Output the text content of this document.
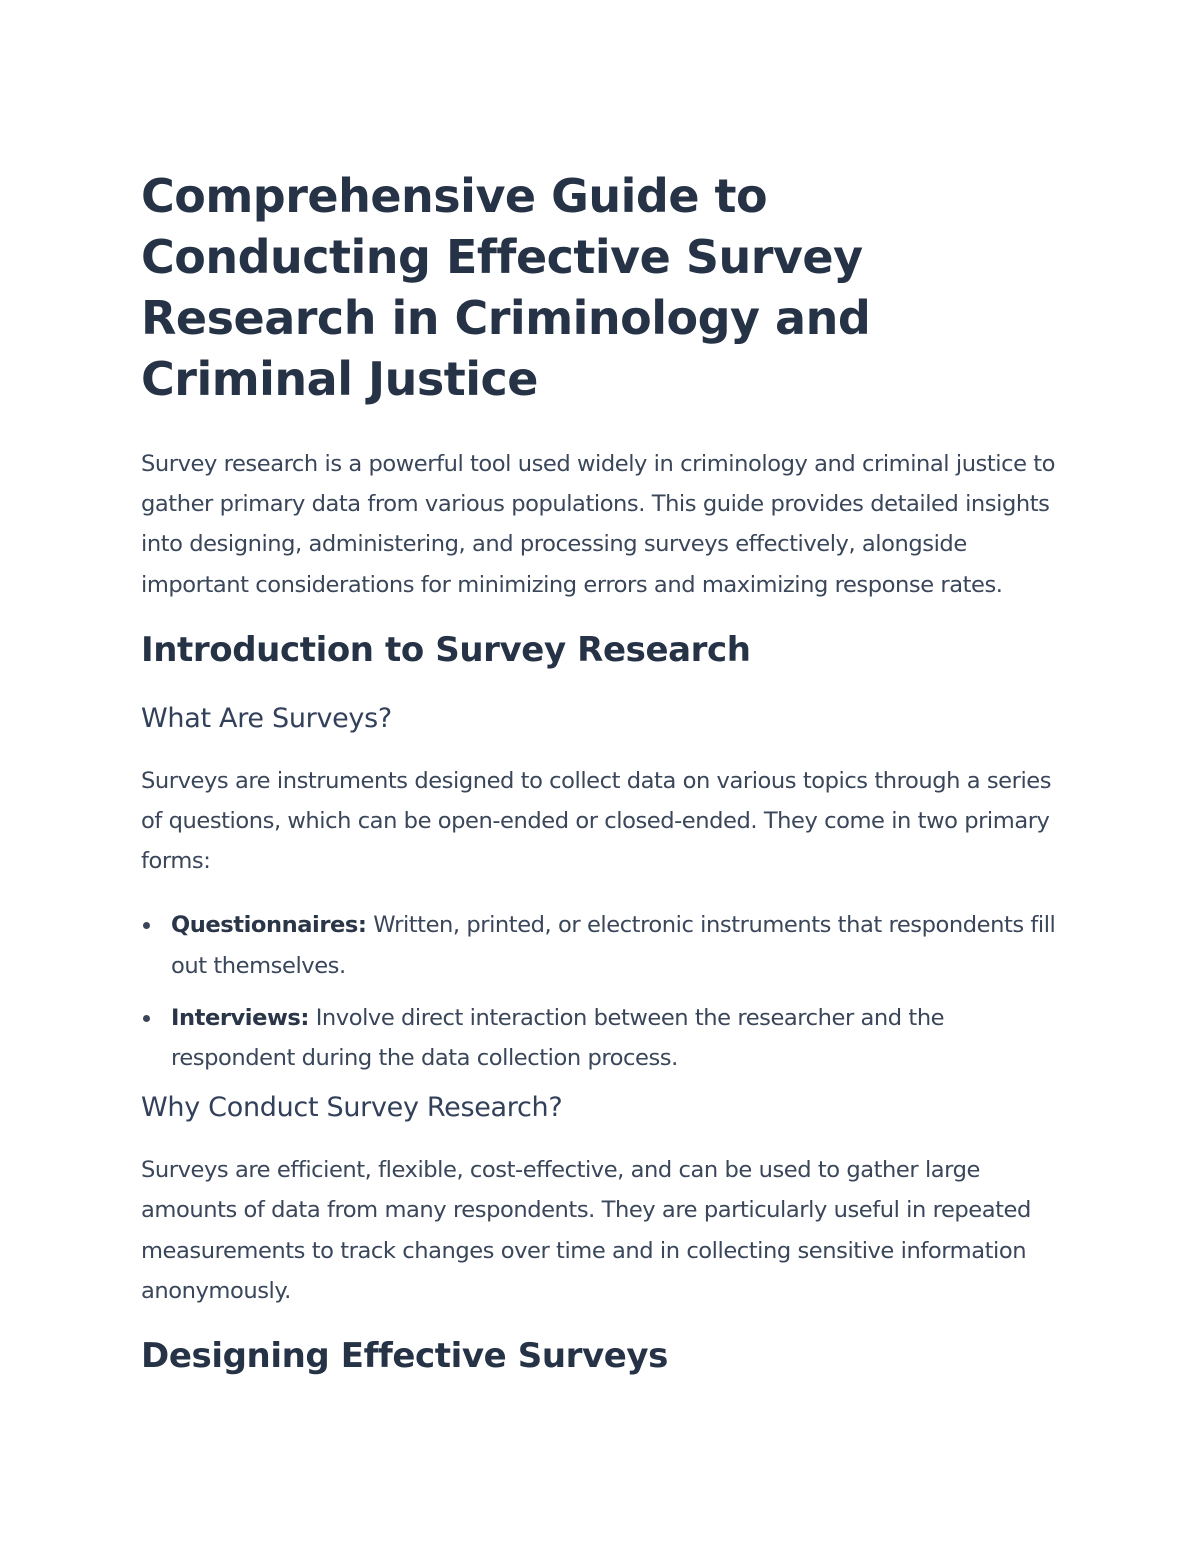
Comprehensive Guide to Conducting Effective Survey Research in Criminology and Criminal Justice

Survey research is a powerful tool used widely in criminology and criminal justice to gather primary data from various populations. This guide provides detailed insights into designing, administering, and processing surveys effectively, alongside important considerations for minimizing errors and maximizing response rates.

Introduction to Survey Research
What Are Surveys?

Surveys are instruments designed to collect data on various topics through a series of questions, which can be open-ended or closed-ended. They come in two primary forms:

Questionnaires: Written, printed, or electronic instruments that respondents fill out themselves.
Interviews: Involve direct interaction between the researcher and the respondent during the data collection process.
Why Conduct Survey Research?

Surveys are efficient, flexible, cost-effective, and can be used to gather large amounts of data from many respondents. They are particularly useful in repeated measurements to track changes over time and in collecting sensitive information anonymously.

Designing Effective Surveys
